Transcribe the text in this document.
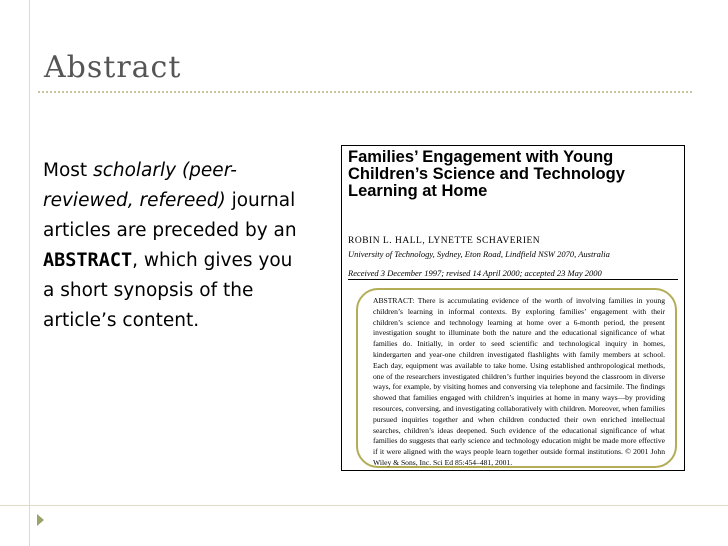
Abstract
Most scholarly (peer-reviewed, refereed) journal articles are preceded by an ABSTRACT, which gives you a short synopsis of the article’s content.
Families’ Engagement with Young Children’s Science and Technology Learning at Home
ROBIN L. HALL, LYNETTE SCHAVERIEN
University of Technology, Sydney, Eton Road, Lindfield NSW 2070, Australia
Received 3 December 1997; revised 14 April 2000; accepted 23 May 2000
ABSTRACT: There is accumulating evidence of the worth of involving families in young children’s learning in informal contexts. By exploring families’ engagement with their children’s science and technology learning at home over a 6-month period, the present investigation sought to illuminate both the nature and the educational significance of what families do. Initially, in order to seed scientific and technological inquiry in homes, kindergarten and year-one children investigated flashlights with family members at school. Each day, equipment was available to take home. Using established anthropological methods, one of the researchers investigated children’s further inquiries beyond the classroom in diverse ways, for example, by visiting homes and conversing via telephone and facsimile. The findings showed that families engaged with children’s inquiries at home in many ways—by providing resources, conversing, and investigating collaboratively with children. Moreover, when families pursued inquiries together and when children conducted their own enriched intellectual searches, children’s ideas deepened. Such evidence of the educational significance of what families do suggests that early science and technology education might be made more effective if it were aligned with the ways people learn together outside formal institutions. © 2001 John Wiley & Sons, Inc. Sci Ed 85:454–481, 2001.
